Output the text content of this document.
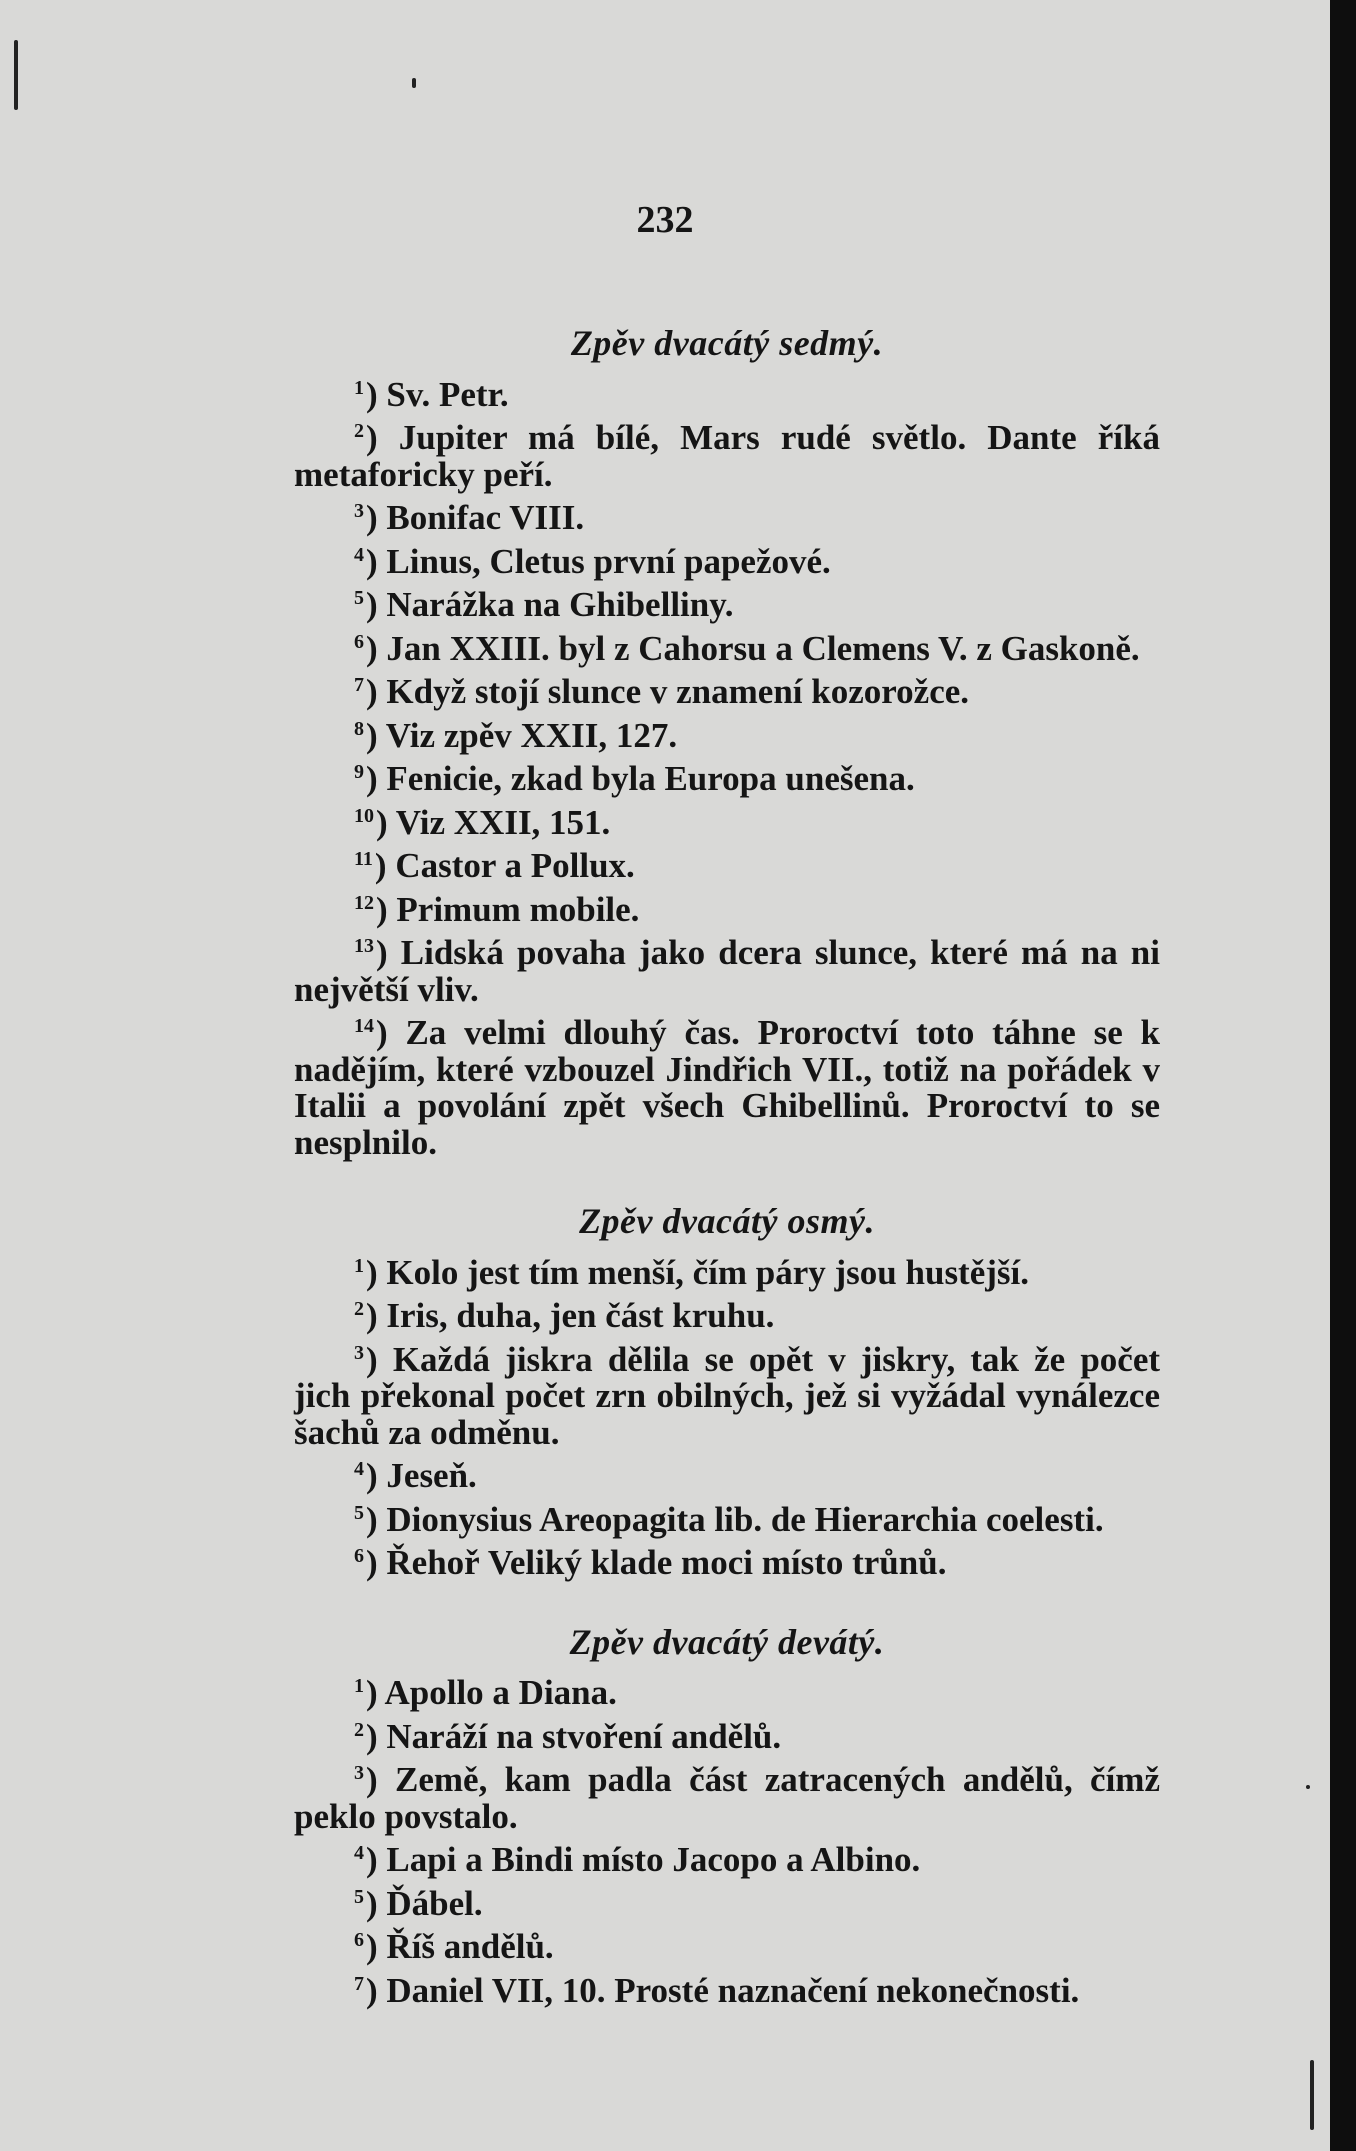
232
Zpěv dvacátý sedmý.

$^1$) Sv. Petr.

$^2$) Jupiter má bílé, Mars rudé světlo. Dante říká metaforicky peří.

$^3$) Bonifac VIII.

$^4$) Linus, Cletus první papežové.

$^5$) Narážka na Ghibelliny.

$^6$) Jan XXIII. byl z Cahorsu a Clemens V. z Gaskoně.

$^7$) Když stojí slunce v znamení kozorožce.

$^8$) Viz zpěv XXII, 127.

$^9$) Fenicie, zkad byla Europa unešena.

$^{10}$) Viz XXII, 151.

$^{11}$) Castor a Pollux.

$^{12}$) Primum mobile.

$^{13}$) Lidská povaha jako dcera slunce, které má na ni největší vliv.

$^{14}$) Za velmi dlouhý čas. Proroctví toto táhne se k nadějím, které vzbouzel Jindřich VII., totiž na pořádek v Italii a povolání zpět všech Ghibellinů. Proroctví to se nesplnilo.

Zpěv dvacátý osmý.

$^1$) Kolo jest tím menší, čím páry jsou hustější.

$^2$) Iris, duha, jen část kruhu.

$^3$) Každá jiskra dělila se opět v jiskry, tak že počet jich překonal počet zrn obilných, jež si vyžádal vynálezce šachů za odměnu.

$^4$) Jeseň.

$^5$) Dionysius Areopagita lib. de Hierarchia coelesti.

$^6$) Řehoř Veliký klade moci místo trůnů.

Zpěv dvacátý devátý.

$^1$) Apollo a Diana.

$^2$) Naráží na stvoření andělů.

$^3$) Země, kam padla část zatracených andělů, čímž peklo povstalo.

$^4$) Lapi a Bindi místo Jacopo a Albino.

$^5$) Ďábel.

$^6$) Říš andělů.

$^7$) Daniel VII, 10. Prosté naznačení nekonečnosti.
